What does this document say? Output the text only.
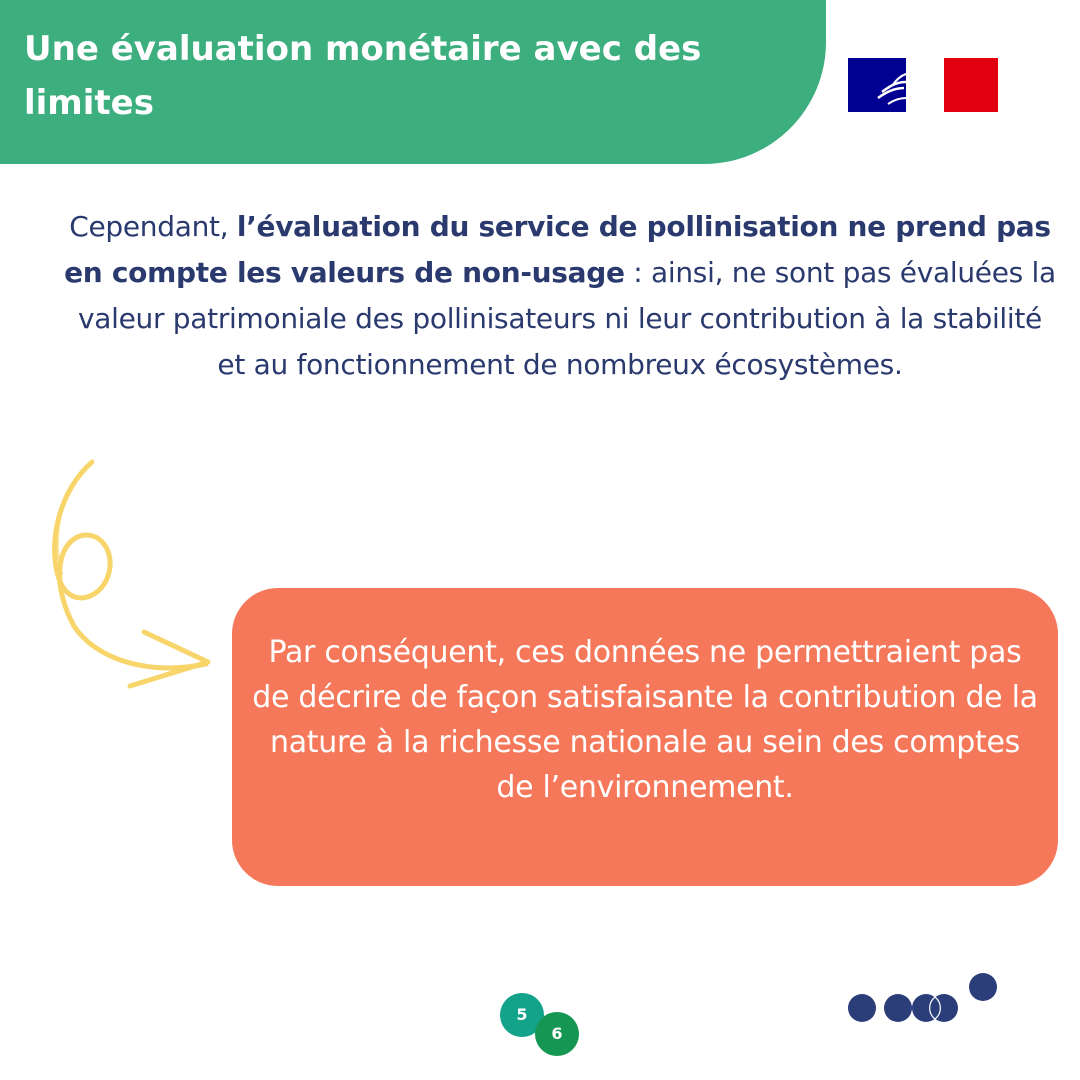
Une évaluation monétaire avec des limites

Cependant, l’évaluation du service de pollinisation ne prend pas en compte les valeurs de non-usage : ainsi, ne sont pas évaluées la valeur patrimoniale des pollinisateurs ni leur contribution à la stabilité et au fonctionnement de nombreux écosystèmes.

Par conséquent, ces données ne permettraient pas de décrire de façon satisfaisante la contribution de la nature à la richesse nationale au sein des comptes de l’environnement.

5
6
